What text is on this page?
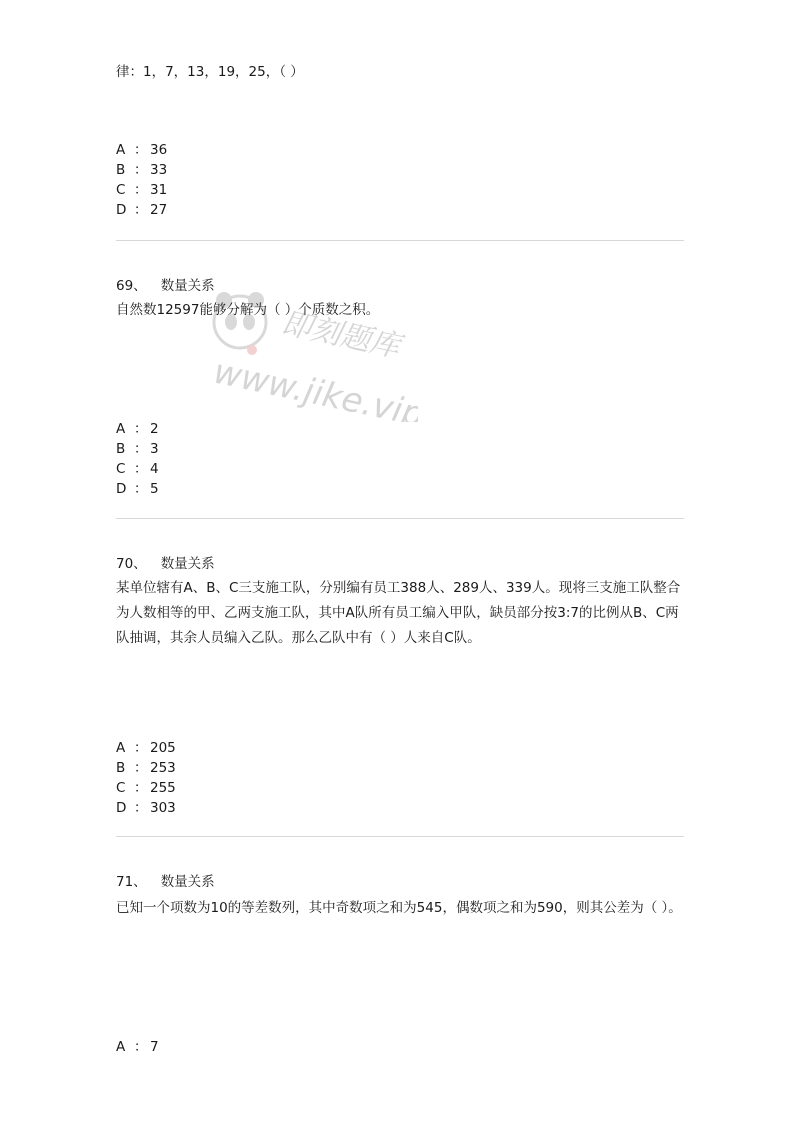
律：1，7，13，19，25，（ ）
A ： 36
B ： 33
C ： 31
D ： 27
69、 数量关系
自然数12597能够分解为（ ）个质数之积。
A ： 2
B ： 3
C ： 4
D ： 5
70、 数量关系
某单位辖有A、B、C三支施工队，分别编有员工388人、289人、339人。现将三支施工队整合为人数相等的甲、乙两支施工队，其中A队所有员工编入甲队，缺员部分按3:7的比例从B、C两队抽调，其余人员编入乙队。那么乙队中有（ ）人来自C队。
A ： 205
B ： 253
C ： 255
D ： 303
71、 数量关系
已知一个项数为10的等差数列，其中奇数项之和为545，偶数项之和为590，则其公差为（ ）。
A ： 7
即刻题库
www.jike.vip
